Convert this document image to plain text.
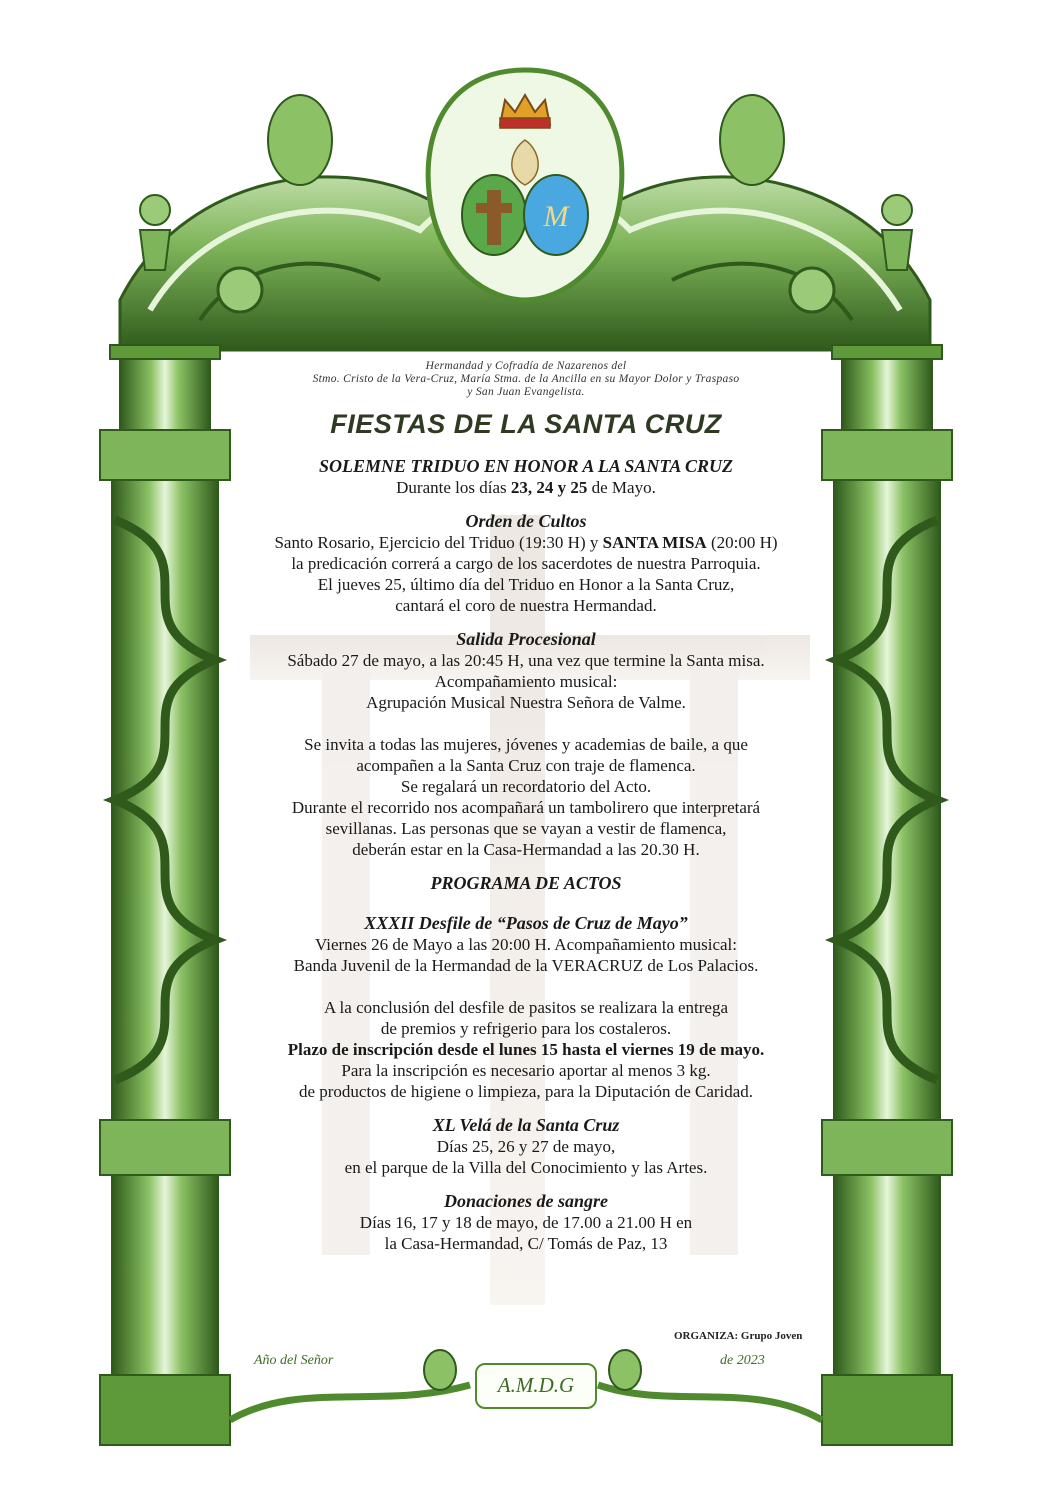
M
Hermandad y Cofradía de Nazarenos del
Stmo. Cristo de la Vera-Cruz, María Stma. de la Ancilla en su Mayor Dolor y Traspaso
y San Juan Evangelista.
FIESTAS DE LA SANTA CRUZ
SOLEMNE TRIDUO EN HONOR A LA SANTA CRUZ

Durante los días 23, 24 y 25 de Mayo.

Orden de Cultos

Santo Rosario, Ejercicio del Triduo (19:30 H) y SANTA MISA (20:00 H)

la predicación correrá a cargo de los sacerdotes de nuestra Parroquia.

El jueves 25, último día del Triduo en Honor a la Santa Cruz,

cantará el coro de nuestra Hermandad.

Salida Procesional

Sábado 27 de mayo, a las 20:45 H, una vez que termine la Santa misa.

Acompañamiento musical:

Agrupación Musical Nuestra Señora de Valme.

Se invita a todas las mujeres, jóvenes y academias de baile, a que

acompañen a la Santa Cruz con traje de flamenca.

Se regalará un recordatorio del Acto.

Durante el recorrido nos acompañará un tambolirero que interpretará

sevillanas. Las personas que se vayan a vestir de flamenca,

deberán estar en la Casa-Hermandad a las 20.30 H.

PROGRAMA DE ACTOS
XXXII Desfile de “Pasos de Cruz de Mayo”

Viernes 26 de Mayo a las 20:00 H. Acompañamiento musical:

Banda Juvenil de la Hermandad de la VERACRUZ de Los Palacios.

A la conclusión del desfile de pasitos se realizara la entrega

de premios y refrigerio para los costaleros.

Plazo de inscripción desde el lunes 15 hasta el viernes 19 de mayo.

Para la inscripción es necesario aportar al menos 3 kg.

de productos de higiene o limpieza, para la Diputación de Caridad.

XL Velá de la Santa Cruz

Días 25, 26 y 27 de mayo,

en el parque de la Villa del Conocimiento y las Artes.

Donaciones de sangre

Días 16, 17 y 18 de mayo, de 17.00 a 21.00 H en

la Casa-Hermandad, C/ Tomás de Paz, 13

ORGANIZA: Grupo Joven
Año del Señor	de 2023
A.M.D.G
